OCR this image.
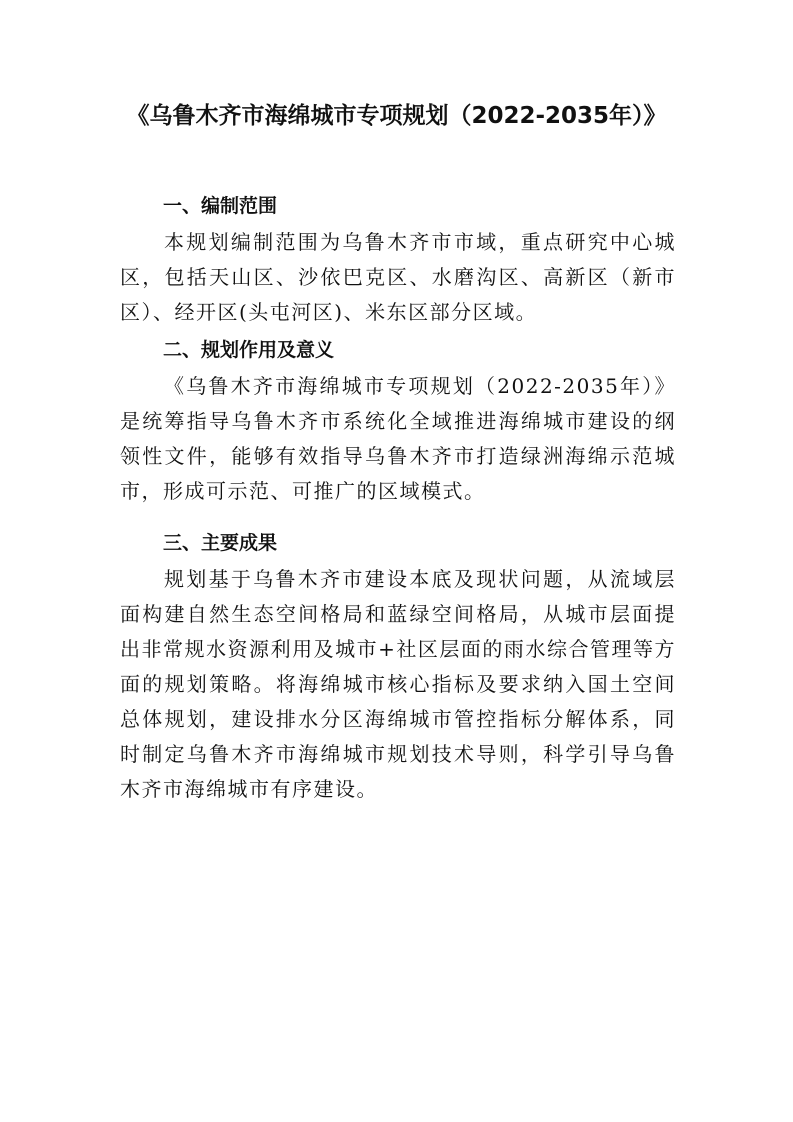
《乌鲁木齐市海绵城市专项规划（2022-2035年）》
一、编制范围

本规划编制范围为乌鲁木齐市市域，重点研究中心城区，包括天山区、沙依巴克区、水磨沟区、高新区（新市区）、经开区(头屯河区)、米东区部分区域。

二、规划作用及意义

《乌鲁木齐市海绵城市专项规划（2022-2035年）》是统筹指导乌鲁木齐市系统化全域推进海绵城市建设的纲领性文件，能够有效指导乌鲁木齐市打造绿洲海绵示范城市，形成可示范、可推广的区域模式。

三、主要成果

规划基于乌鲁木齐市建设本底及现状问题，从流域层面构建自然生态空间格局和蓝绿空间格局，从城市层面提出非常规水资源利用及城市+社区层面的雨水综合管理等方面的规划策略。将海绵城市核心指标及要求纳入国土空间总体规划，建设排水分区海绵城市管控指标分解体系，同时制定乌鲁木齐市海绵城市规划技术导则，科学引导乌鲁木齐市海绵城市有序建设。
